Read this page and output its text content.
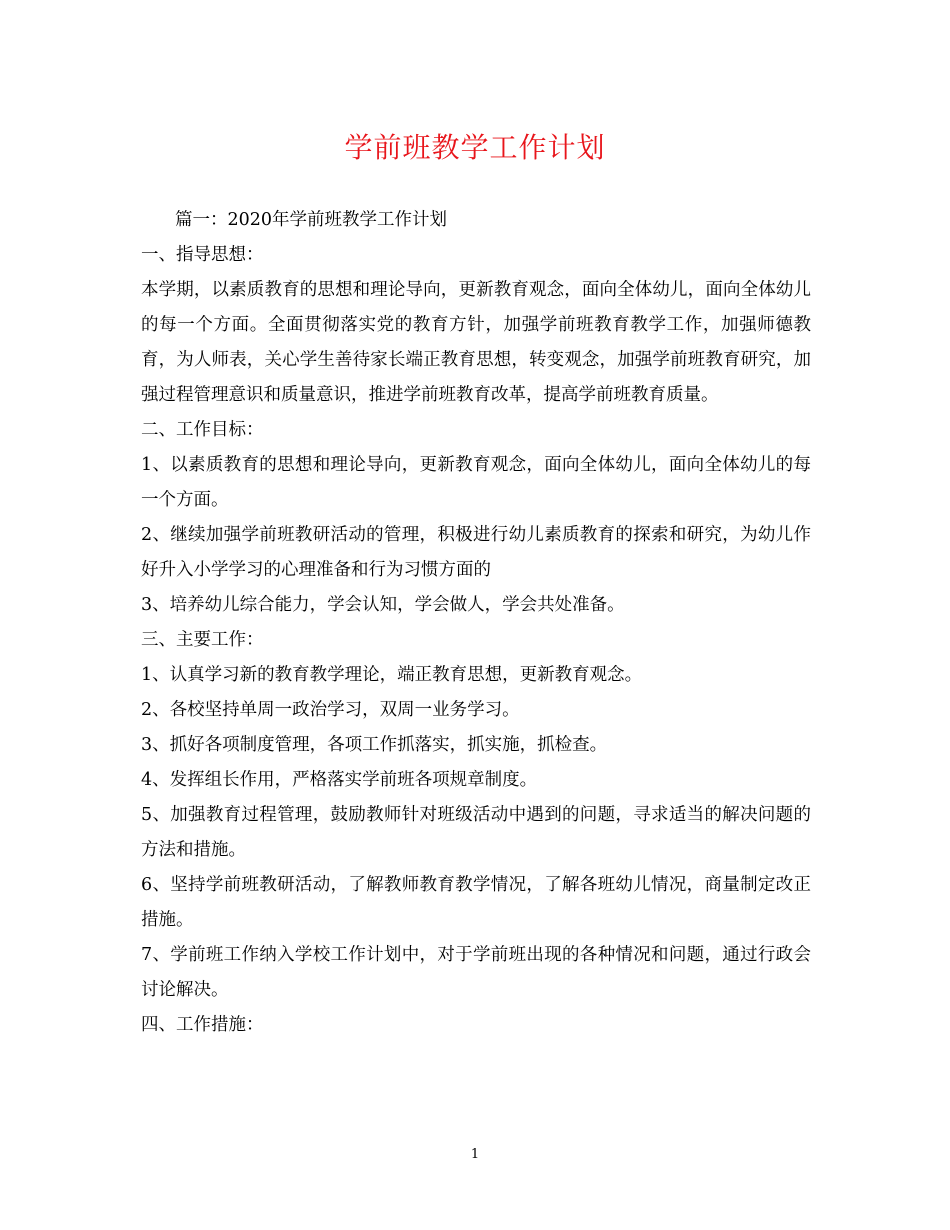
学前班教学工作计划

篇一：2020年学前班教学工作计划

一、指导思想：

本学期，以素质教育的思想和理论导向，更新教育观念，面向全体幼儿，面向全体幼儿的每一个方面。全面贯彻落实党的教育方针，加强学前班教育教学工作，加强师德教育，为人师表，关心学生善待家长端正教育思想，转变观念，加强学前班教育研究，加强过程管理意识和质量意识，推进学前班教育改革，提高学前班教育质量。

二、工作目标：

1、以素质教育的思想和理论导向，更新教育观念，面向全体幼儿，面向全体幼儿的每一个方面。

2、继续加强学前班教研活动的管理，积极进行幼儿素质教育的探索和研究，为幼儿作好升入小学学习的心理准备和行为习惯方面的

3、培养幼儿综合能力，学会认知，学会做人，学会共处准备。

三、主要工作：

1、认真学习新的教育教学理论，端正教育思想，更新教育观念。

2、各校坚持单周一政治学习，双周一业务学习。

3、抓好各项制度管理，各项工作抓落实，抓实施，抓检查。

4、发挥组长作用，严格落实学前班各项规章制度。

5、加强教育过程管理，鼓励教师针对班级活动中遇到的问题，寻求适当的解决问题的方法和措施。

6、坚持学前班教研活动，了解教师教育教学情况，了解各班幼儿情况，商量制定改正措施。

7、学前班工作纳入学校工作计划中，对于学前班出现的各种情况和问题，通过行政会讨论解决。

四、工作措施：

1
